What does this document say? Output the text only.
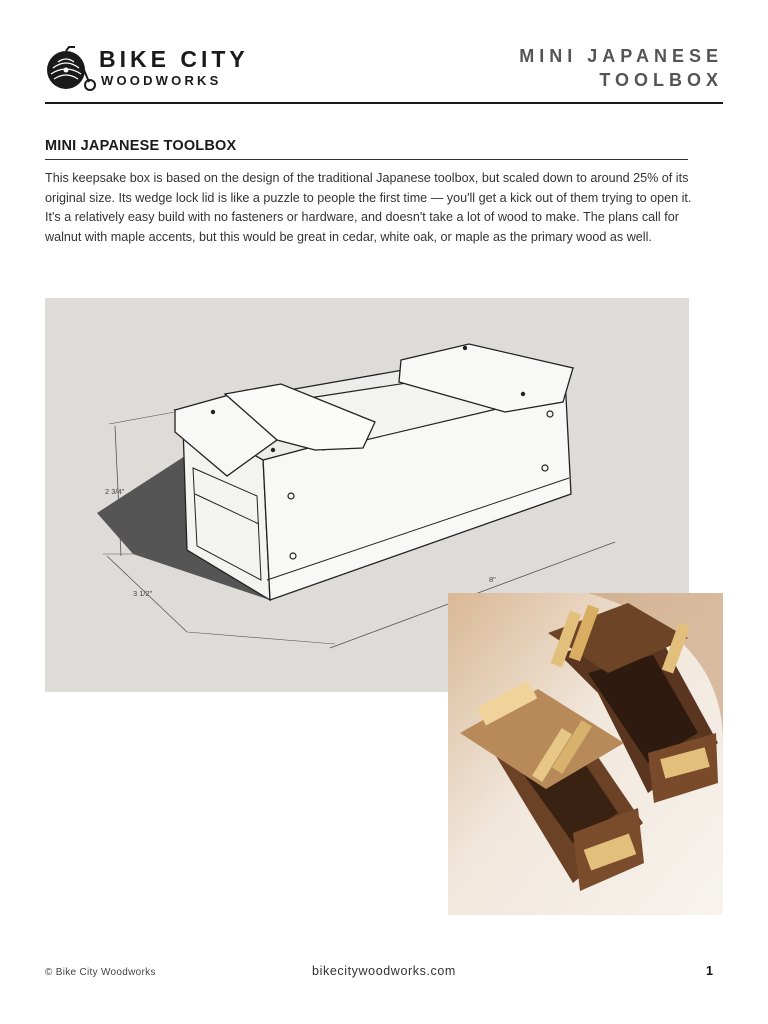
BIKE CITY
WOODWORKS
MINI JAPANESE
TOOLBOX
MINI JAPANESE TOOLBOX

This keepsake box is based on the design of the traditional Japanese toolbox, but scaled down to around 25% of its original size. Its wedge lock lid is like a puzzle to people the first time — you'll get a kick out of them trying to open it. It's a relatively easy build with no fasteners or hardware, and doesn't take a lot of wood to make. The plans call for walnut with maple accents, but this would be great in cedar, white oak, or maple as the primary wood as well.

2 3/4"
3 1/2"
8"
© Bike City Woodworks	bikecitywoodworks.com	1
